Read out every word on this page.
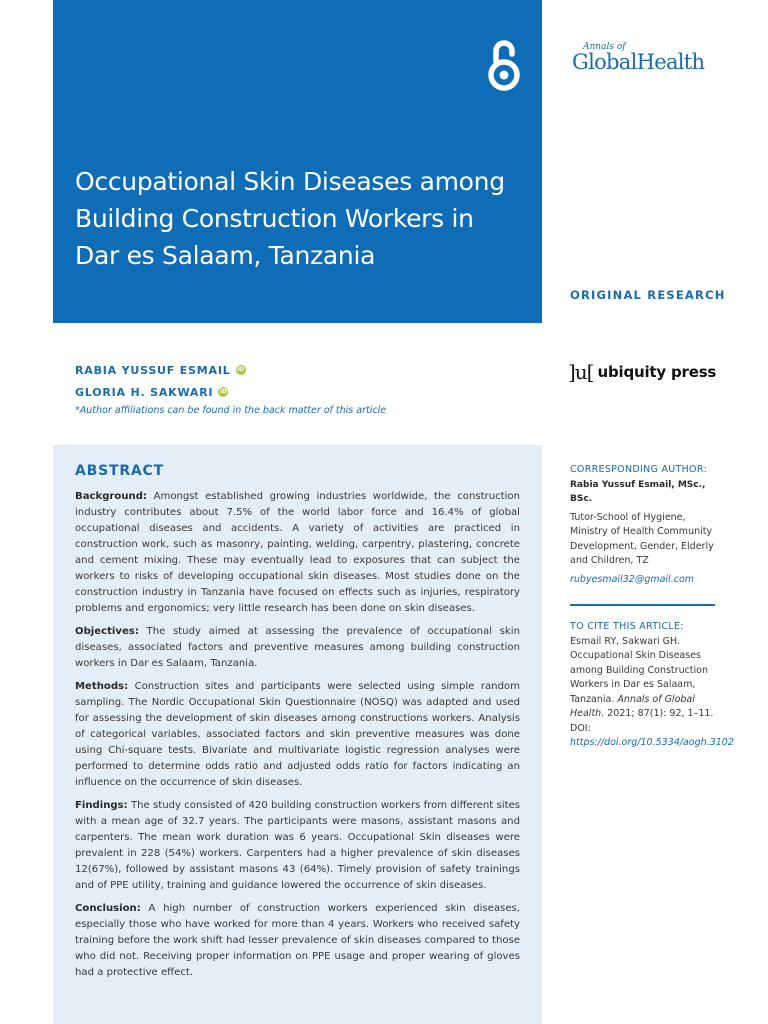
Occupational Skin Diseases among Building Construction Workers in Dar es Salaam, Tanzania
Annals of
GlobalHealth
ORIGINAL RESEARCH
RABIA YUSSUF ESMAIL iD
GLORIA H. SAKWARI iD
*Author affiliations can be found in the back matter of this article
]u[ ubiquity press
ABSTRACT

Background: Amongst established growing industries worldwide, the construction industry contributes about 7.5% of the world labor force and 16.4% of global occupational diseases and accidents. A variety of activities are practiced in construction work, such as masonry, painting, welding, carpentry, plastering, concrete and cement mixing. These may eventually lead to exposures that can subject the workers to risks of developing occupational skin diseases. Most studies done on the construction industry in Tanzania have focused on effects such as injuries, respiratory problems and ergonomics; very little research has been done on skin diseases.

Objectives: The study aimed at assessing the prevalence of occupational skin diseases, associated factors and preventive measures among building construction workers in Dar es Salaam, Tanzania.

Methods: Construction sites and participants were selected using simple random sampling. The Nordic Occupational Skin Questionnaire (NOSQ) was adapted and used for assessing the development of skin diseases among constructions workers. Analysis of categorical variables, associated factors and skin preventive measures was done using Chi-square tests. Bivariate and multivariate logistic regression analyses were performed to determine odds ratio and adjusted odds ratio for factors indicating an influence on the occurrence of skin diseases.

Findings: The study consisted of 420 building construction workers from different sites with a mean age of 32.7 years. The participants were masons, assistant masons and carpenters. The mean work duration was 6 years. Occupational Skin diseases were prevalent in 228 (54%) workers. Carpenters had a higher prevalence of skin diseases 12(67%), followed by assistant masons 43 (64%). Timely provision of safety trainings and of PPE utility, training and guidance lowered the occurrence of skin diseases.

Conclusion: A high number of construction workers experienced skin diseases, especially those who have worked for more than 4 years. Workers who received safety training before the work shift had lesser prevalence of skin diseases compared to those who did not. Receiving proper information on PPE usage and proper wearing of gloves had a protective effect.

CORRESPONDING AUTHOR:
Rabia Yussuf Esmail, MSc., BSc.
Tutor-School of Hygiene, Ministry of Health Community Development, Gender, Elderly and Children, TZ
rubyesmail32@gmail.com
TO CITE THIS ARTICLE:
Esmail RY, Sakwari GH. Occupational Skin Diseases among Building Construction Workers in Dar es Salaam, Tanzania. Annals of Global Health. 2021; 87(1): 92, 1–11. DOI: https://doi.org/10.5334/aogh.3102
